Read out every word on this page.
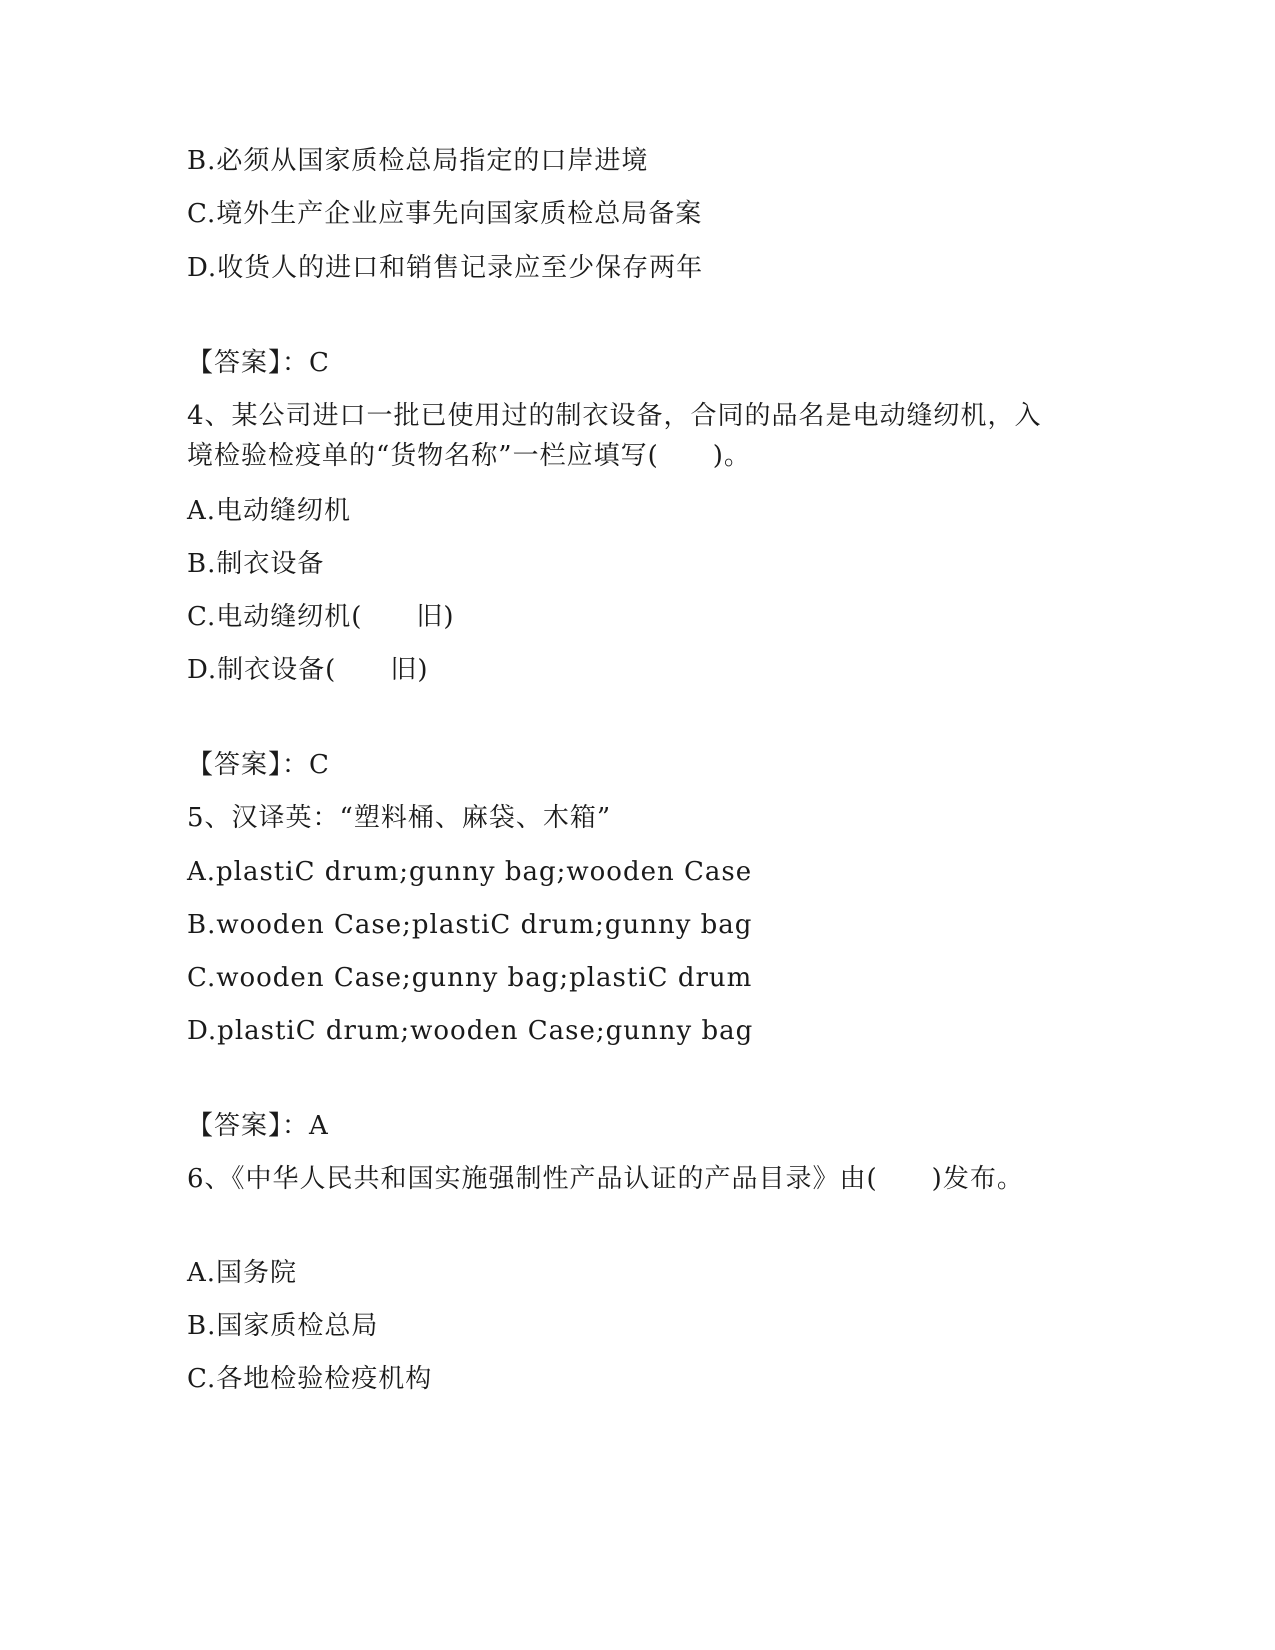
B.必须从国家质检总局指定的口岸进境
C.境外生产企业应事先向国家质检总局备案
D.收货人的进口和销售记录应至少保存两年
【答案】：C
4、某公司进口一批已使用过的制衣设备，合同的品名是电动缝纫机，入境检验检疫单的“货物名称”一栏应填写(　　)。
A.电动缝纫机
B.制衣设备
C.电动缝纫机(　　旧)
D.制衣设备(　　旧)
【答案】：C
5、汉译英：“塑料桶、麻袋、木箱”
A.plastiC drum;gunny bag;wooden Case
B.wooden Case;plastiC drum;gunny bag
C.wooden Case;gunny bag;plastiC drum
D.plastiC drum;wooden Case;gunny bag
【答案】：A
6、《中华人民共和国实施强制性产品认证的产品目录》由(　　)发布。
A.国务院
B.国家质检总局
C.各地检验检疫机构
